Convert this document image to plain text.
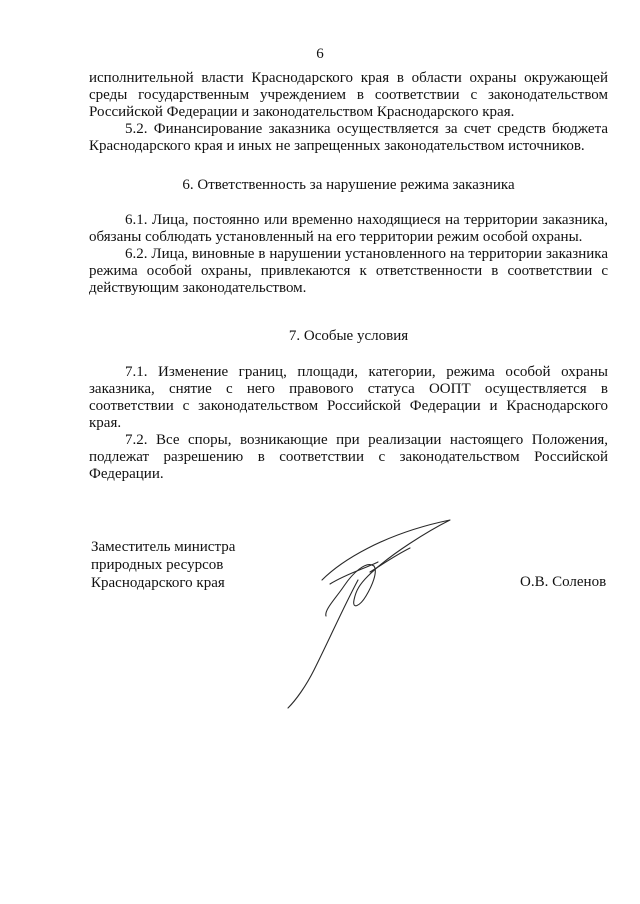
6

исполнительной власти Краснодарского края в области охраны окружающей среды государственным учреждением в соответствии с законодательством Российской Федерации и законодательством Краснодарского края.

5.2. Финансирование заказника осуществляется за счет средств бюджета Краснодарского края и иных не запрещенных законодательством источников.

6. Ответственность за нарушение режима заказника

6.1. Лица, постоянно или временно находящиеся на территории заказника, обязаны соблюдать установленный на его территории режим особой охраны.

6.2. Лица, виновные в нарушении установленного на территории заказника режима особой охраны, привлекаются к ответственности в соответствии с действующим законодательством.

7. Особые условия

7.1. Изменение границ, площади, категории, режима особой охраны заказника, снятие с него правового статуса ООПТ осуществляется в соответствии с законодательством Российской Федерации и Краснодарского края.

7.2. Все споры, возникающие при реализации настоящего Положения, подлежат разрешению в соответствии с законодательством Российской Федерации.

Заместитель министра
природных ресурсов
Краснодарского края	О.В. Соленов
